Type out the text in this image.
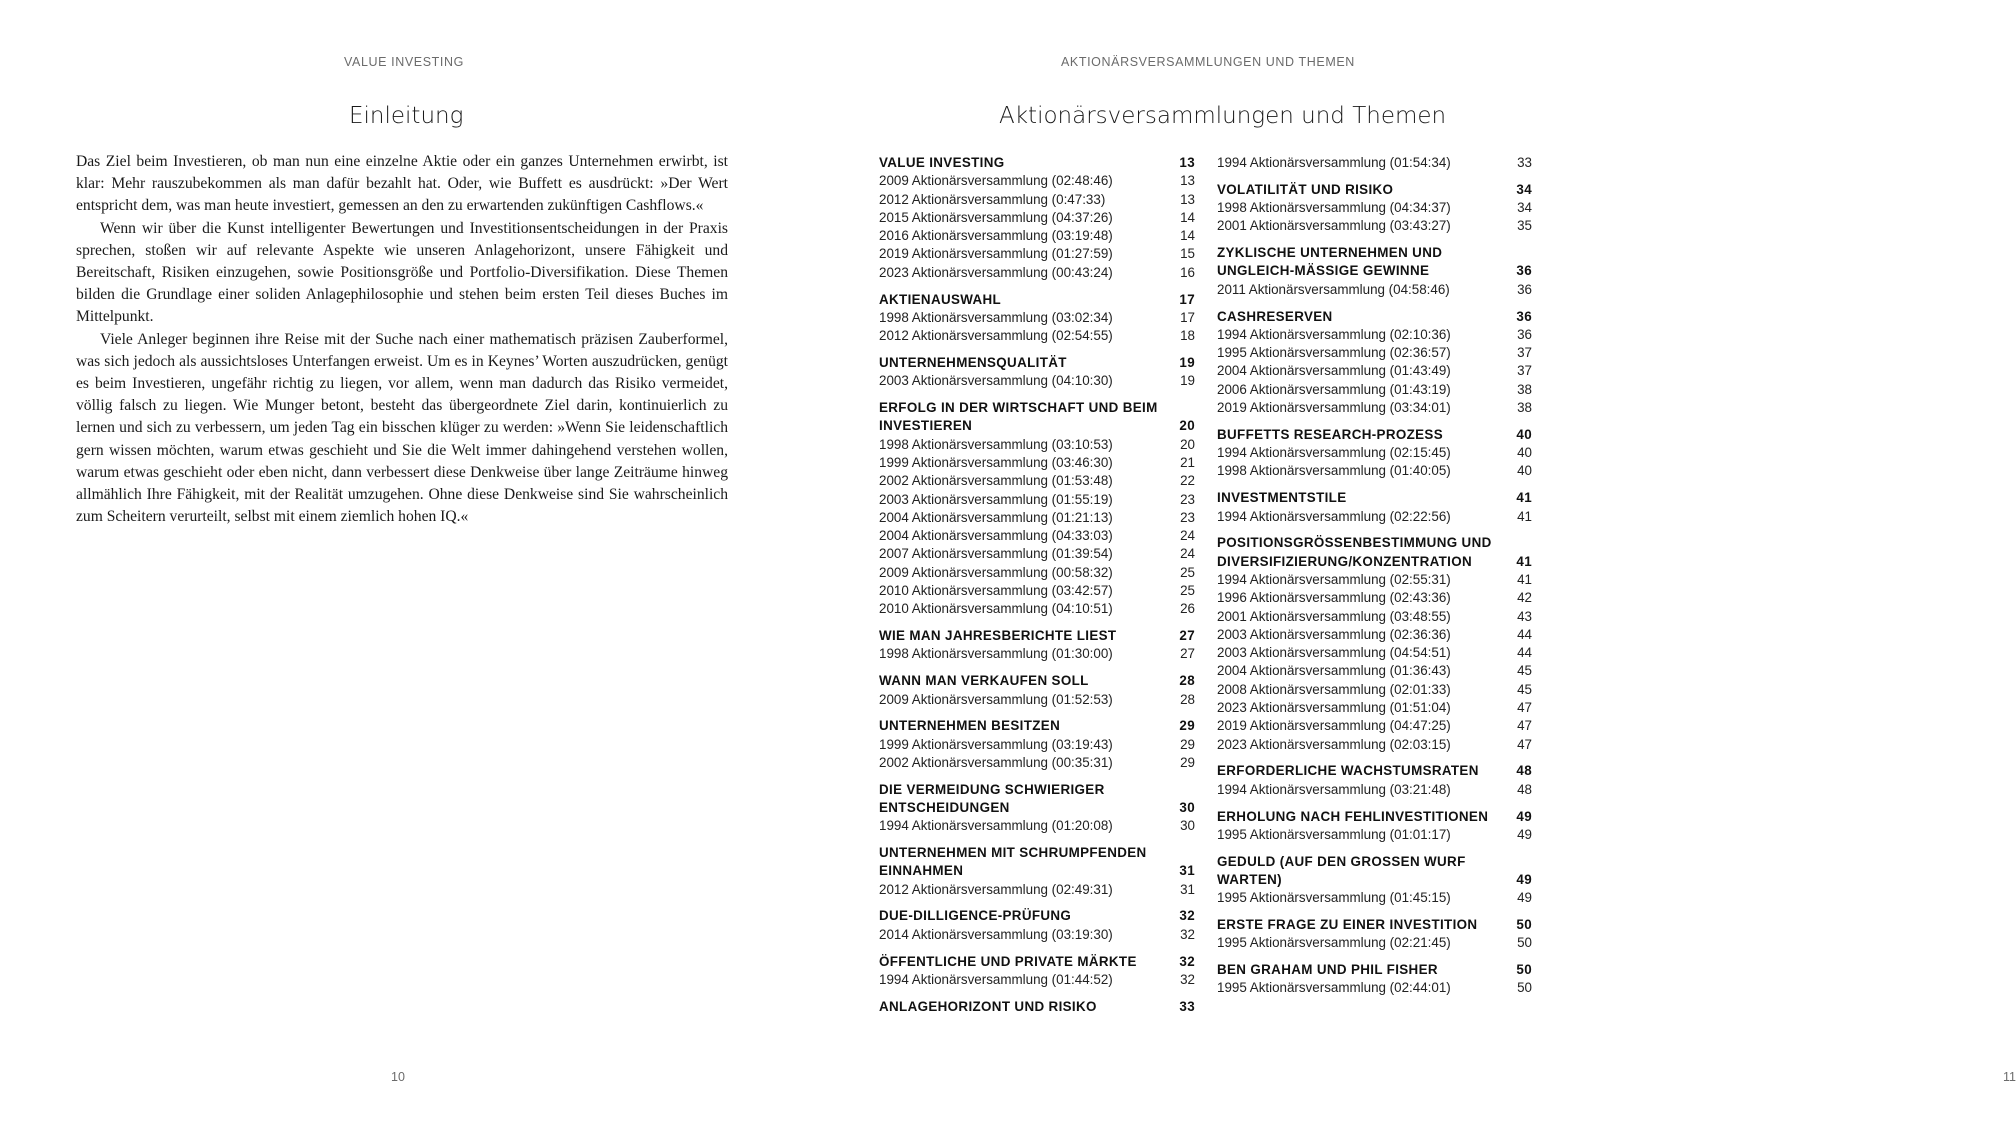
VALUE INVESTING
Einleitung

Das Ziel beim Investieren, ob man nun eine einzelne Aktie oder ein ganzes Unternehmen erwirbt, ist klar: Mehr rauszubekommen als man dafür bezahlt hat. Oder, wie Buffett es ausdrückt: »Der Wert entspricht dem, was man heute investiert, gemessen an den zu erwartenden zukünftigen Cashflows.«

Wenn wir über die Kunst intelligenter Bewertungen und Investitionsentscheidungen in der Praxis sprechen, stoßen wir auf relevante Aspekte wie unseren Anlagehorizont, unsere Fähigkeit und Bereitschaft, Risiken einzugehen, sowie Positionsgröße und Portfolio-Diversifikation. Diese Themen bilden die Grundlage einer soliden Anlagephilosophie und stehen beim ersten Teil dieses Buches im Mittelpunkt.

Viele Anleger beginnen ihre Reise mit der Suche nach einer mathematisch präzisen Zauberformel, was sich jedoch als aussichtsloses Unterfangen erweist. Um es in Keynes’ Worten auszudrücken, genügt es beim Investieren, ungefähr richtig zu liegen, vor allem, wenn man dadurch das Risiko vermeidet, völlig falsch zu liegen. Wie Munger betont, besteht das übergeordnete Ziel darin, kontinuierlich zu lernen und sich zu verbessern, um jeden Tag ein bisschen klüger zu werden: »Wenn Sie leidenschaftlich gern wissen möchten, warum etwas geschieht und Sie die Welt immer dahingehend verstehen wollen, warum etwas geschieht oder eben nicht, dann verbessert diese Denkweise über lange Zeiträume hinweg allmählich Ihre Fähigkeit, mit der Realität umzugehen. Ohne diese Denkweise sind Sie wahrscheinlich zum Scheitern verurteilt, selbst mit einem ziemlich hohen IQ.«

10
AKTIONÄRSVERSAMMLUNGEN UND THEMEN
Aktionärsversammlungen und Themen
11
VALUE INVESTING	13
2009 Aktionärsversammlung (02:48:46)	13
2012 Aktionärsversammlung (0:47:33)	13
2015 Aktionärsversammlung (04:37:26)	14
2016 Aktionärsversammlung (03:19:48)	14
2019 Aktionärsversammlung (01:27:59)	15
2023 Aktionärsversammlung (00:43:24)	16
AKTIENAUSWAHL	17
1998 Aktionärsversammlung (03:02:34)	17
2012 Aktionärsversammlung (02:54:55)	18
UNTERNEHMENSQUALITÄT	19
2003 Aktionärsversammlung (04:10:30)	19
ERFOLG IN DER WIRTSCHAFT UND BEIM INVESTIEREN	20
1998 Aktionärsversammlung (03:10:53)	20
1999 Aktionärsversammlung (03:46:30)	21
2002 Aktionärsversammlung (01:53:48)	22
2003 Aktionärsversammlung (01:55:19)	23
2004 Aktionärsversammlung (01:21:13)	23
2004 Aktionärsversammlung (04:33:03)	24
2007 Aktionärsversammlung (01:39:54)	24
2009 Aktionärsversammlung (00:58:32)	25
2010 Aktionärsversammlung (03:42:57)	25
2010 Aktionärsversammlung (04:10:51)	26
WIE MAN JAHRESBERICHTE LIEST	27
1998 Aktionärsversammlung (01:30:00)	27
WANN MAN VERKAUFEN SOLL	28
2009 Aktionärsversammlung (01:52:53)	28
UNTERNEHMEN BESITZEN	29
1999 Aktionärsversammlung (03:19:43)	29
2002 Aktionärsversammlung (00:35:31)	29
DIE VERMEIDUNG SCHWIERIGER ENTSCHEIDUNGEN	30
1994 Aktionärsversammlung (01:20:08)	30
UNTERNEHMEN MIT SCHRUMPFENDEN EINNAHMEN	31
2012 Aktionärsversammlung (02:49:31)	31
DUE-DILLIGENCE-PRÜFUNG	32
2014 Aktionärsversammlung (03:19:30)	32
ÖFFENTLICHE UND PRIVATE MÄRKTE	32
1994 Aktionärsversammlung (01:44:52)	32
ANLAGEHORIZONT UND RISIKO	33
1994 Aktionärsversammlung (01:54:34)	33
VOLATILITÄT UND RISIKO	34
1998 Aktionärsversammlung (04:34:37)	34
2001 Aktionärsversammlung (03:43:27)	35
ZYKLISCHE UNTERNEHMEN UND UNGLEICH-MÄSSIGE GEWINNE	36
2011 Aktionärsversammlung (04:58:46)	36
CASHRESERVEN	36
1994 Aktionärsversammlung (02:10:36)	36
1995 Aktionärsversammlung (02:36:57)	37
2004 Aktionärsversammlung (01:43:49)	37
2006 Aktionärsversammlung (01:43:19)	38
2019 Aktionärsversammlung (03:34:01)	38
BUFFETTS RESEARCH-PROZESS	40
1994 Aktionärsversammlung (02:15:45)	40
1998 Aktionärsversammlung (01:40:05)	40
INVESTMENTSTILE	41
1994 Aktionärsversammlung (02:22:56)	41
POSITIONSGRÖSSENBESTIMMUNG UND DIVERSIFIZIERUNG/KONZENTRATION	41
1994 Aktionärsversammlung (02:55:31)	41
1996 Aktionärsversammlung (02:43:36)	42
2001 Aktionärsversammlung (03:48:55)	43
2003 Aktionärsversammlung (02:36:36)	44
2003 Aktionärsversammlung (04:54:51)	44
2004 Aktionärsversammlung (01:36:43)	45
2008 Aktionärsversammlung (02:01:33)	45
2023 Aktionärsversammlung (01:51:04)	47
2019 Aktionärsversammlung (04:47:25)	47
2023 Aktionärsversammlung (02:03:15)	47
ERFORDERLICHE WACHSTUMSRATEN	48
1994 Aktionärsversammlung (03:21:48)	48
ERHOLUNG NACH FEHLINVESTITIONEN	49
1995 Aktionärsversammlung (01:01:17)	49
GEDULD (AUF DEN GROSSEN WURF WARTEN)	49
1995 Aktionärsversammlung (01:45:15)	49
ERSTE FRAGE ZU EINER INVESTITION	50
1995 Aktionärsversammlung (02:21:45)	50
BEN GRAHAM UND PHIL FISHER	50
1995 Aktionärsversammlung (02:44:01)	50
